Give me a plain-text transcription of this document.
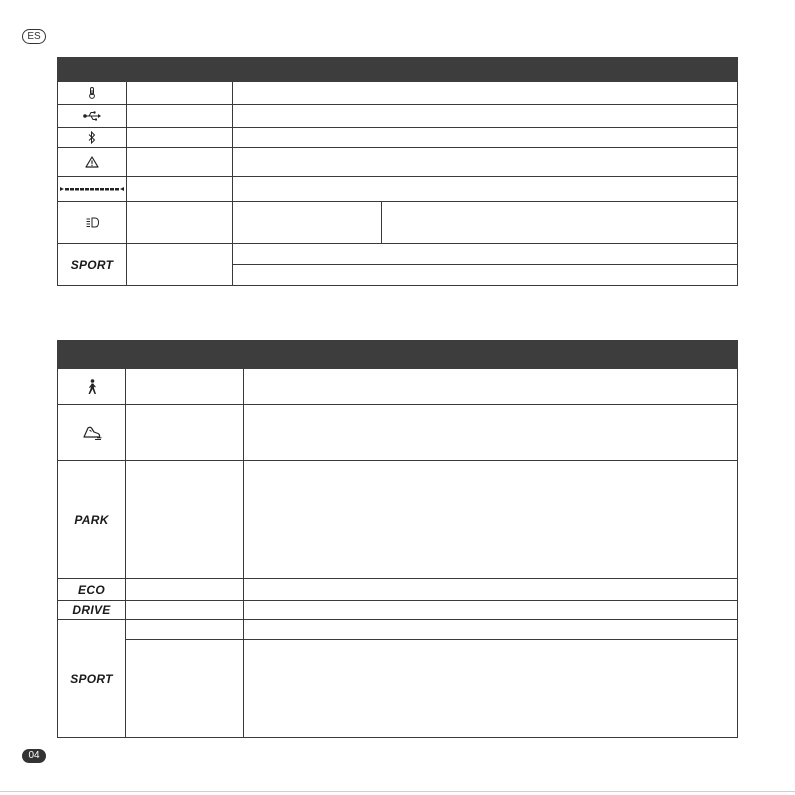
ES

SPORT			

PARK		
ECO		
DRIVE		
SPORT		

04
